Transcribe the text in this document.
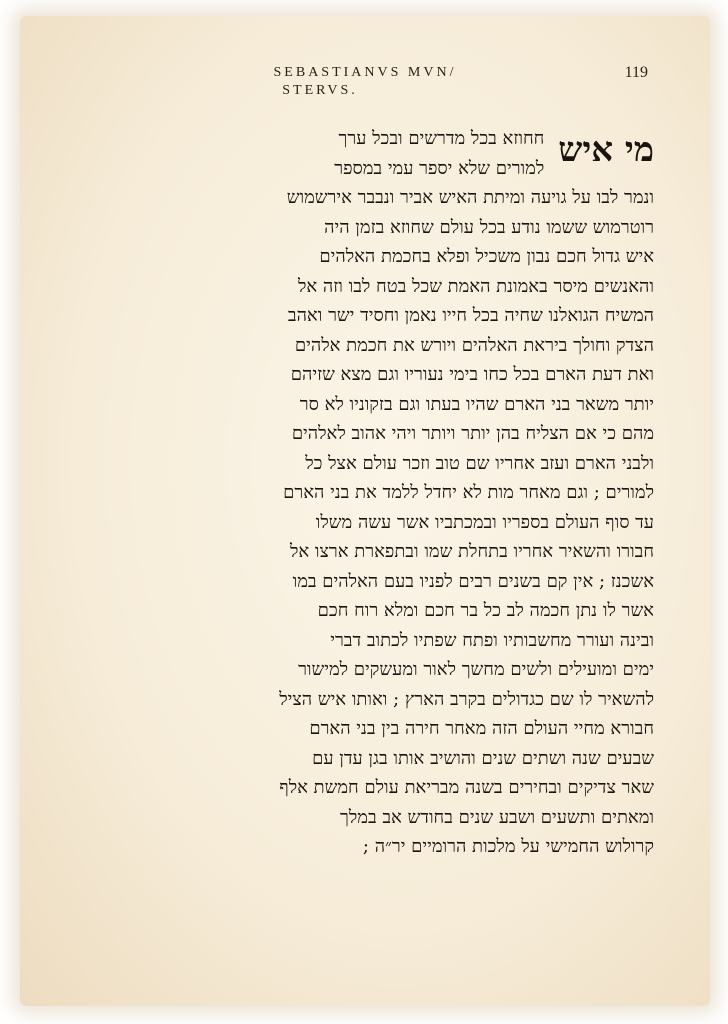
SEBASTIANVS MVN/
STERVS.
119
מי איש
חחוזא בכל מדרשים ובכל ערך
למורים שלא יספר עמי במספר
ונמר לבו על גויעה ומיתת האיש אביר ונבבר אירשמוש
רוטרמוש ששמו נודע בכל עולם שחוזא בזמן היה
איש גדול חכם נבון משכיל ופלא בחכמת האלהים
והאנשים מיסר באמונת האמת שכל בטח לבו וזה אל
המשיח הגואלנו שחיה בכל חייו נאמן וחסיד ישר ואהב
הצדק וחולך ביראת האלהים ויורש את חכמת אלהים
ואת דעת הארם בכל כחו בימי נעוריו וגם מצא שזיהם
יותר משאר בני הארם שהיו בעתו וגם בזקוניו לא סר
מהם כי אם הצליח בהן יותר ויותר ויהי אהוב לאלהים
ולבני הארם ועזב אחריו שם טוב וזכר עולם אצל כל
למורים ; וגם מאחר מות לא יחדל ללמד את בני הארם
עד סוף העולם בספריו ובמכתביו אשר עשה משלו
חבורו והשאיר אחריו בתחלת שמו ובתפארת ארצו אל
אשכנז ; אין קם בשנים רבים לפניו בעם האלהים במו
אשר לו נתן חכמה לב כל בר חכם ומלא רוח חכם
ובינה ועורר מחשבותיו ופתח שפתיו לכתוב דברי
ימים ומועילים ולשים מחשך לאור ומעשקים למישור
להשאיר לו שם כגדולים בקרב הארץ ; ואותו איש הציל
חבורא מחיי העולם הזה מאחר חירה בין בני הארם
שבעים שנה ושתים שנים והושיב אותו בגן עדן עם
שאר צדיקים ובחירים בשנה מבריאת עולם חמשת אלף
ומאתים ותשעים ושבע שנים בחודש אב במלך
קרולוש החמישי על מלכות הרומיים יר״ה ;
